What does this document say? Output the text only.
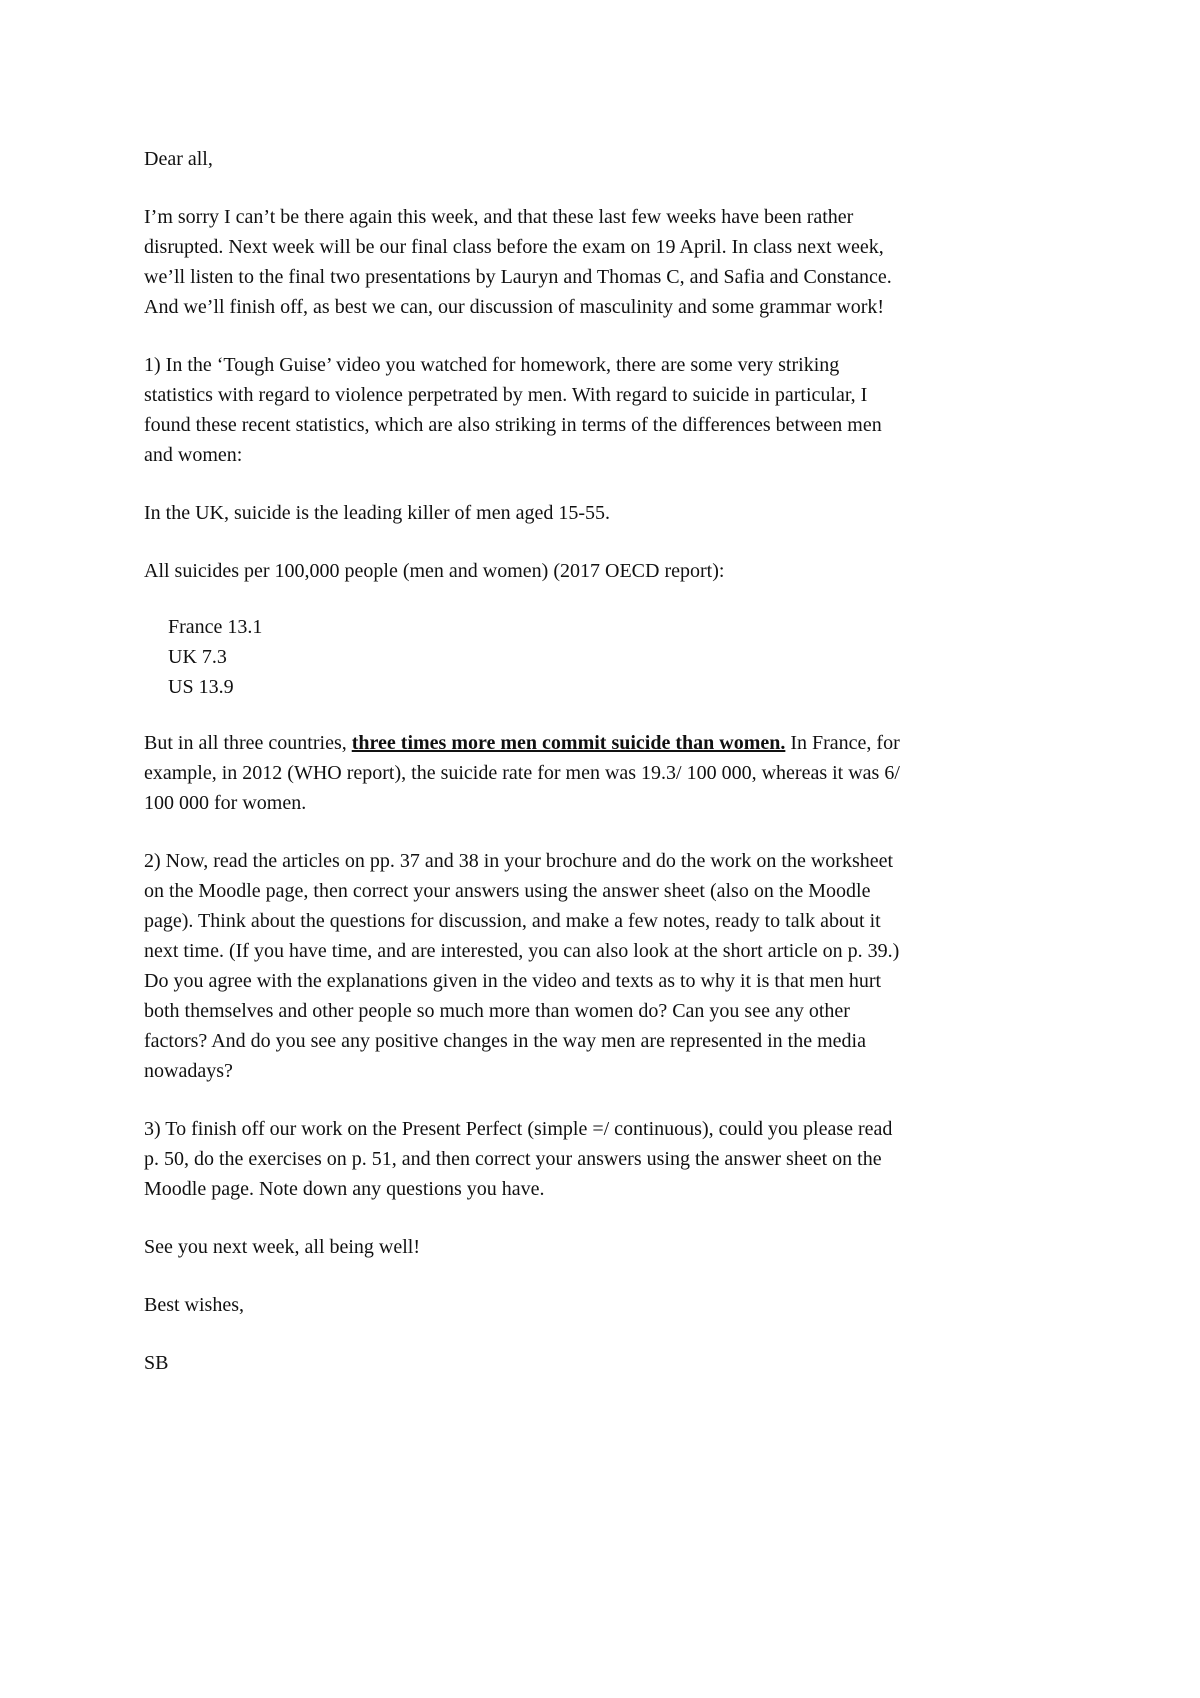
Dear all,

I’m sorry I can’t be there again this week, and that these last few weeks have been rather
disrupted. Next week will be our final class before the exam on 19 April. In class next week,
we’ll listen to the final two presentations by Lauryn and Thomas C, and Safia and Constance.
And we’ll finish off, as best we can, our discussion of masculinity and some grammar work!

1) In the ‘Tough Guise’ video you watched for homework, there are some very striking
statistics with regard to violence perpetrated by men. With regard to suicide in particular, I
found these recent statistics, which are also striking in terms of the differences between men
and women:

In the UK, suicide is the leading killer of men aged 15-55.

All suicides per 100,000 people (men and women) (2017 OECD report):

France 13.1
UK 7.3
US 13.9

But in all three countries, three times more men commit suicide than women. In France, for
example, in 2012 (WHO report), the suicide rate for men was 19.3/ 100 000, whereas it was 6/
100 000 for women.

2) Now, read the articles on pp. 37 and 38 in your brochure and do the work on the worksheet
on the Moodle page, then correct your answers using the answer sheet (also on the Moodle
page). Think about the questions for discussion, and make a few notes, ready to talk about it
next time. (If you have time, and are interested, you can also look at the short article on p. 39.)
Do you agree with the explanations given in the video and texts as to why it is that men hurt
both themselves and other people so much more than women do? Can you see any other
factors? And do you see any positive changes in the way men are represented in the media
nowadays?

3) To finish off our work on the Present Perfect (simple =/ continuous), could you please read
p. 50, do the exercises on p. 51, and then correct your answers using the answer sheet on the
Moodle page. Note down any questions you have.

See you next week, all being well!

Best wishes,

SB
